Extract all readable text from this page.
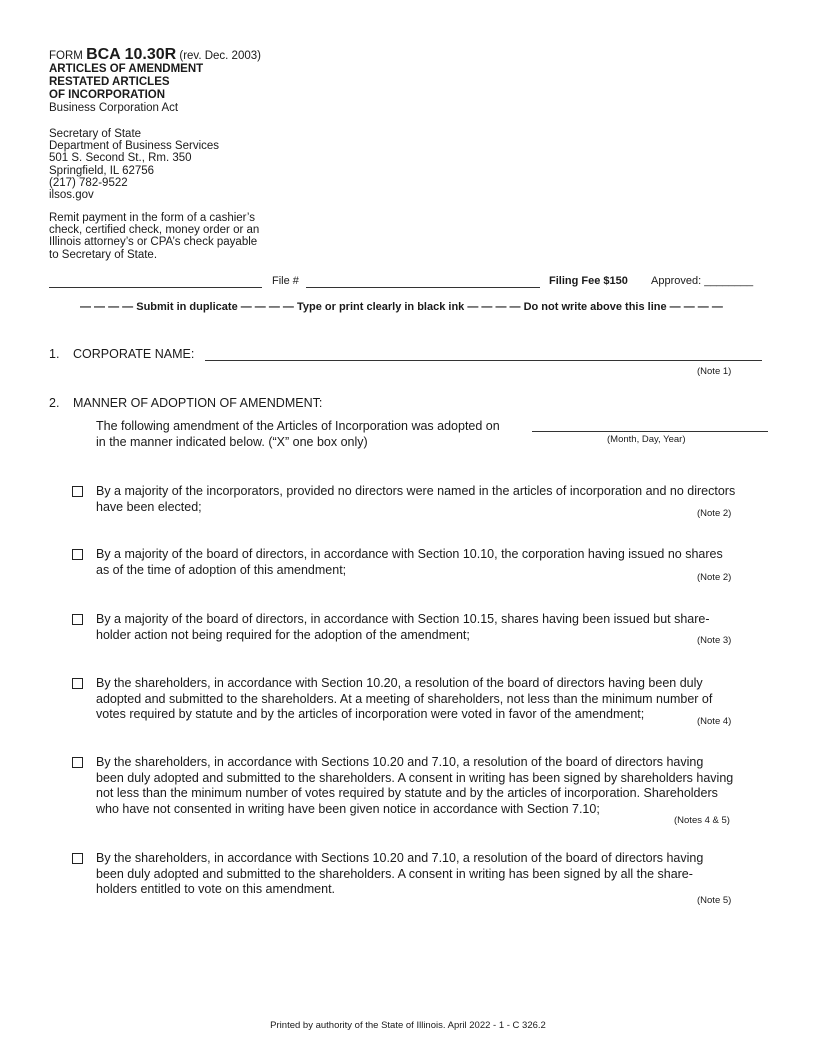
FORM BCA 10.30R (rev. Dec. 2003)
ARTICLES OF AMENDMENT
RESTATED ARTICLES
OF INCORPORATION
Business Corporation Act
Secretary of State
Department of Business Services
501 S. Second St., Rm. 350
Springfield, IL 62756
(217) 782-9522
ilsos.gov
Remit payment in the form of a cashier’s
check, certified check, money order or an
Illinois attorney’s or CPA’s check payable
to Secretary of State.
File #	Filing Fee $150 Approved: ________
— — — — Submit in duplicate — — — — Type or print clearly in black ink — — — — Do not write above this line — — — —
1. CORPORATE NAME:
(Note 1)
2. MANNER OF ADOPTION OF AMENDMENT:
The following amendment of the Articles of Incorporation was adopted on
in the manner indicated below. (“X” one box only)	(Month, Day, Year)
By a majority of the incorporators, provided no directors were named in the articles of incorporation and no directors
have been elected;	(Note 2)
By a majority of the board of directors, in accordance with Section 10.10, the corporation having issued no shares
as of the time of adoption of this amendment;
(Note 2)
By a majority of the board of directors, in accordance with Section 10.15, shares having been issued but share-
holder action not being required for the adoption of the amendment;	(Note 3)
By the shareholders, in accordance with Section 10.20, a resolution of the board of directors having been duly
adopted and submitted to the shareholders. At a meeting of shareholders, not less than the minimum number of
votes required by statute and by the articles of incorporation were voted in favor of the amendment;
(Note 4)
By the shareholders, in accordance with Sections 10.20 and 7.10, a resolution of the board of directors having
been duly adopted and submitted to the shareholders. A consent in writing has been signed by shareholders having
not less than the minimum number of votes required by statute and by the articles of incorporation. Shareholders
who have not consented in writing have been given notice in accordance with Section 7.10;
(Notes 4 & 5)
By the shareholders, in accordance with Sections 10.20 and 7.10, a resolution of the board of directors having
been duly adopted and submitted to the shareholders. A consent in writing has been signed by all the share-
holders entitled to vote on this amendment.
(Note 5)
Printed by authority of the State of Illinois. April 2022 - 1 - C 326.2
